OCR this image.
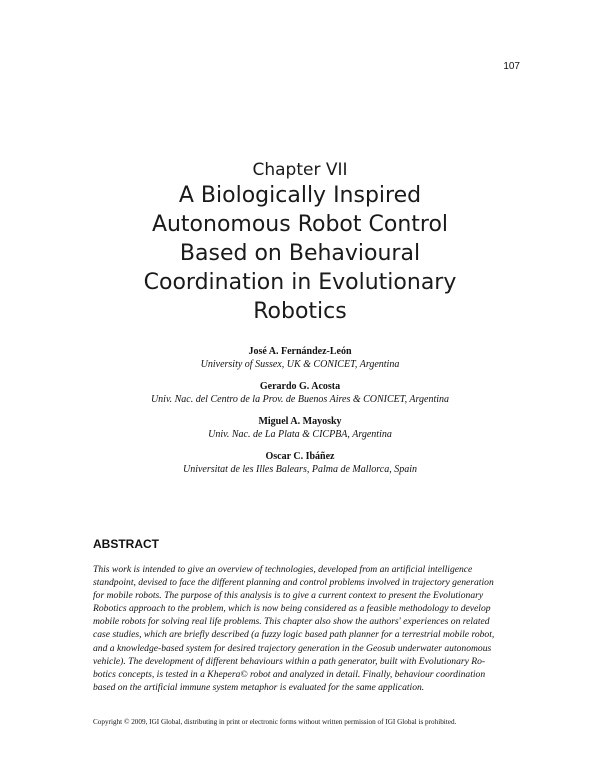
107
Chapter VII
A Biologically Inspired
Autonomous Robot Control
Based on Behavioural
Coordination in Evolutionary
Robotics
José A. Fernández-León
University of Sussex, UK & CONICET, Argentina
Gerardo G. Acosta
Univ. Nac. del Centro de la Prov. de Buenos Aires & CONICET, Argentina
Miguel A. Mayosky
Univ. Nac. de La Plata & CICPBA, Argentina
Oscar C. Ibáñez
Universitat de les Illes Balears, Palma de Mallorca, Spain
ABSTRACT
This work is intended to give an overview of technologies, developed from an artificial intelligence
standpoint, devised to face the different planning and control problems involved in trajectory generation
for mobile robots. The purpose of this analysis is to give a current context to present the Evolutionary
Robotics approach to the problem, which is now being considered as a feasible methodology to develop
mobile robots for solving real life problems. This chapter also show the authors' experiences on related
case studies, which are briefly described (a fuzzy logic based path planner for a terrestrial mobile robot,
and a knowledge-based system for desired trajectory generation in the Geosub underwater autonomous
vehicle). The development of different behaviours within a path generator, built with Evolutionary Ro-
botics concepts, is tested in a Khepera© robot and analyzed in detail. Finally, behaviour coordination
based on the artificial immune system metaphor is evaluated for the same application.
Copyright © 2009, IGI Global, distributing in print or electronic forms without written permission of IGI Global is prohibited.
